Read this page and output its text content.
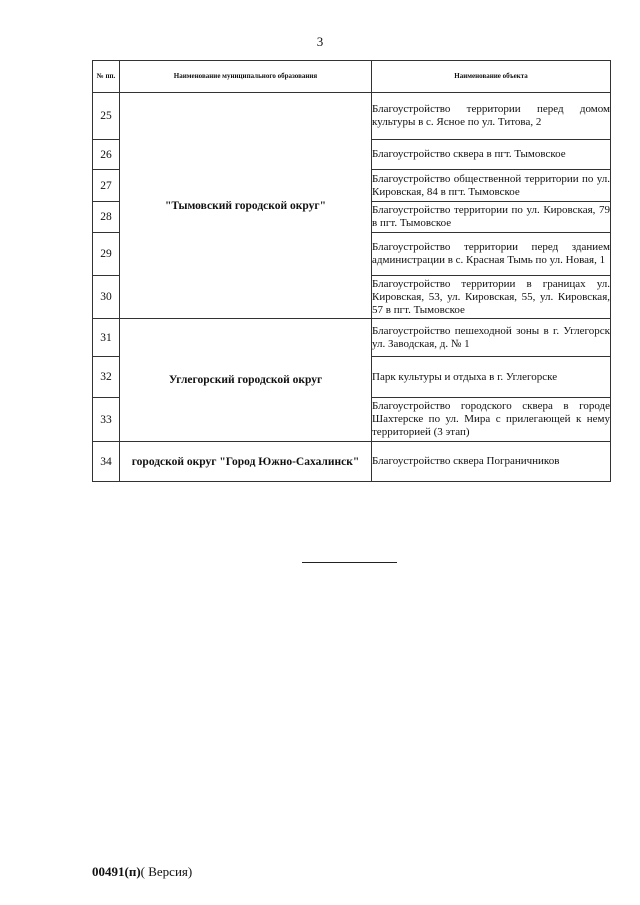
3
№ пп.	Наименование муниципального образования	Наименование объекта
25	"Тымовский городской округ"	Благоустройство территории перед домом культуры в с. Ясное по ул. Титова, 2
26		Благоустройство сквера в пгт. Тымовское
27		Благоустройство общественной территории по ул. Кировская, 84 в пгт. Тымовское
28		Благоустройство территории по ул. Кировская, 79 в пгт. Тымовское
29		Благоустройство территории перед зданием администрации в с. Красная Тымь по ул. Новая, 1
30		Благоустройство территории в границах ул. Кировская, 53, ул. Кировская, 55, ул. Кировская, 57 в пгт. Тымовское
31	Углегорский городской округ	Благоустройство пешеходной зоны в г. Углегорск ул. Заводская, д. № 1
32		Парк культуры и отдыха в г. Углегорске
33		Благоустройство городского сквера в городе Шахтерске по ул. Мира с прилегающей к нему территорией (3 этап)
34	городской округ "Город Южно-Сахалинск"	Благоустройство сквера Пограничников
00491(п)( Версия)
